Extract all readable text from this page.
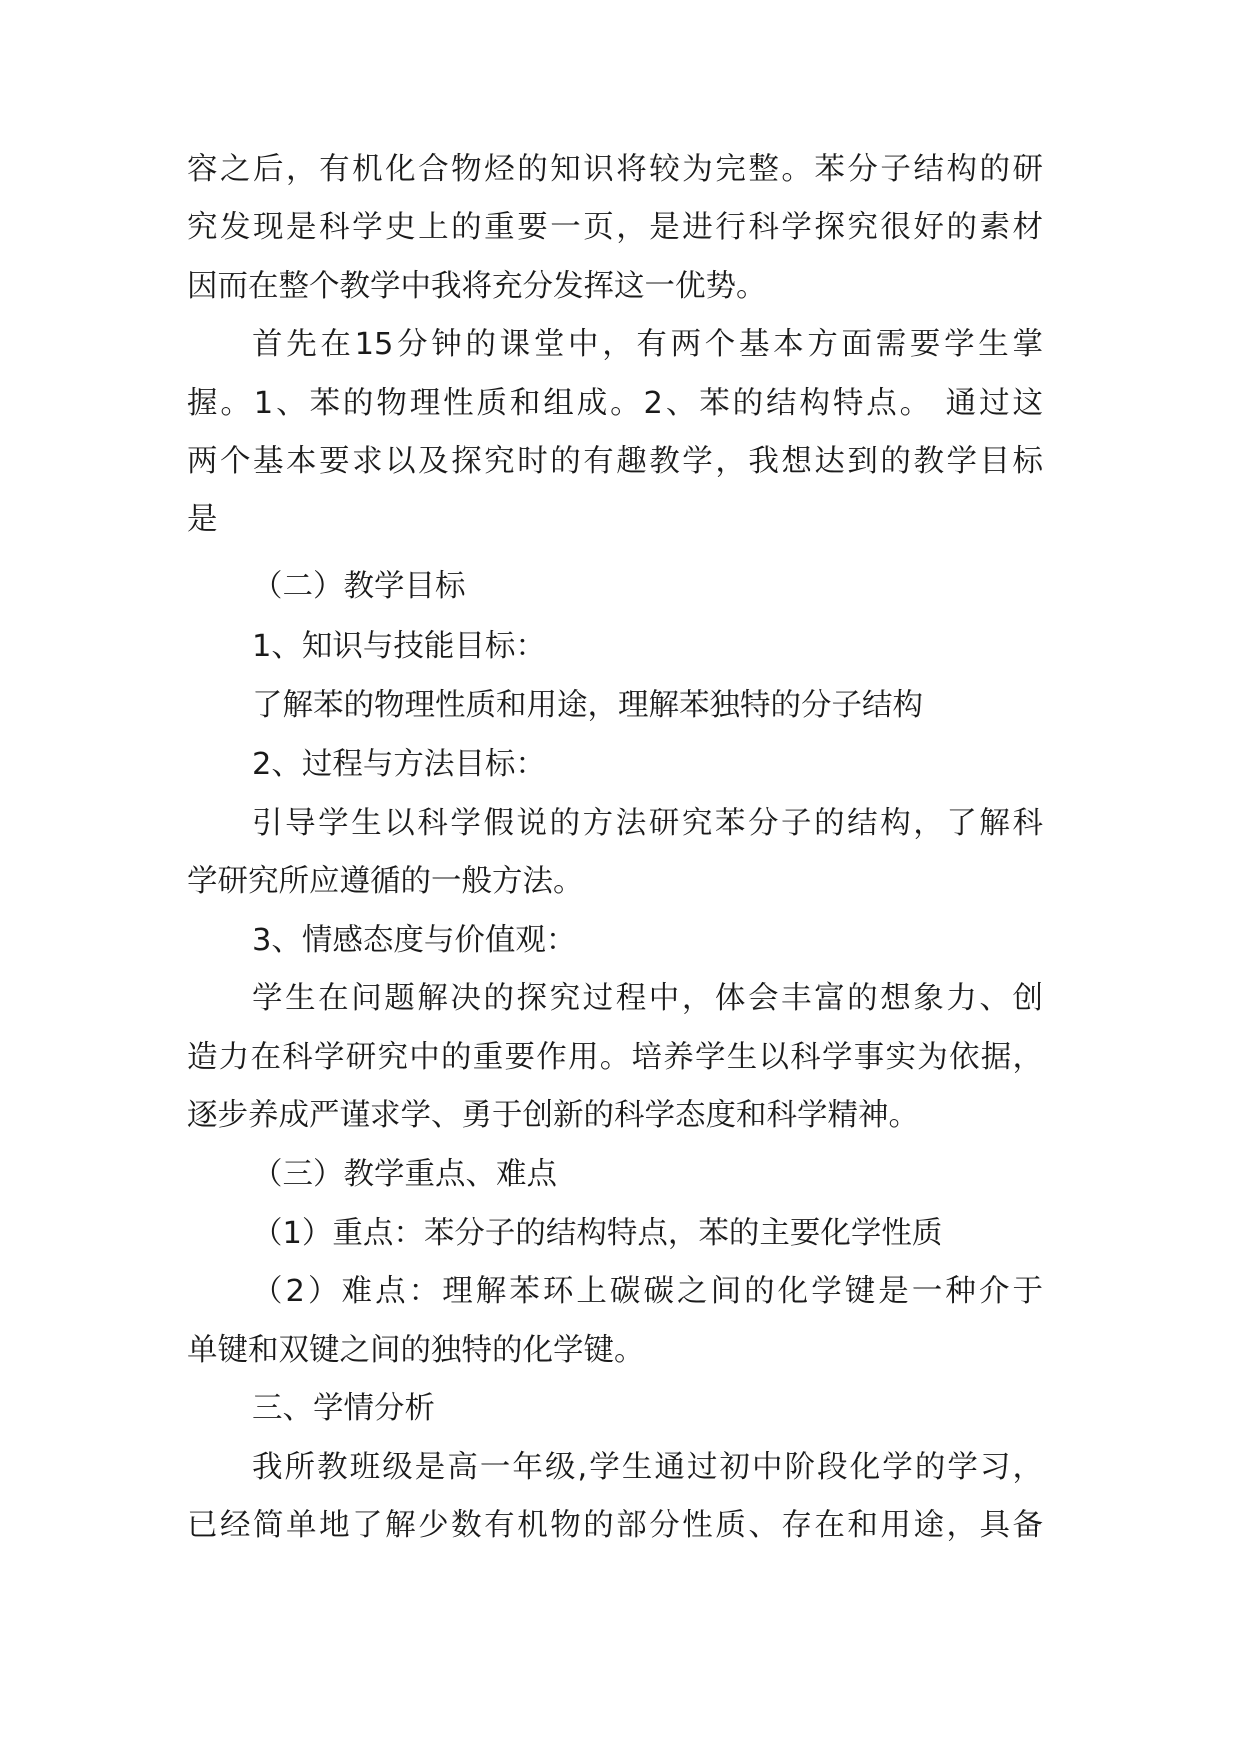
容之后，有机化合物烃的知识将较为完整。苯分子结构的研

究发现是科学史上的重要一页，是进行科学探究很好的素材

因而在整个教学中我将充分发挥这一优势。

首先在15分钟的课堂中，有两个基本方面需要学生掌

握。1、苯的物理性质和组成。2、苯的结构特点。 通过这

两个基本要求以及探究时的有趣教学，我想达到的教学目标

是

（二）教学目标

1、知识与技能目标：

了解苯的物理性质和用途，理解苯独特的分子结构

2、过程与方法目标：

引导学生以科学假说的方法研究苯分子的结构，了解科

学研究所应遵循的一般方法。

3、情感态度与价值观：

学生在问题解决的探究过程中，体会丰富的想象力、创

造力在科学研究中的重要作用。培养学生以科学事实为依据，

逐步养成严谨求学、勇于创新的科学态度和科学精神。

（三）教学重点、难点

（1）重点：苯分子的结构特点，苯的主要化学性质

（2）难点：理解苯环上碳碳之间的化学键是一种介于

单键和双键之间的独特的化学键。

三、学情分析

我所教班级是高一年级,学生通过初中阶段化学的学习，

已经简单地了解少数有机物的部分性质、存在和用途，具备
